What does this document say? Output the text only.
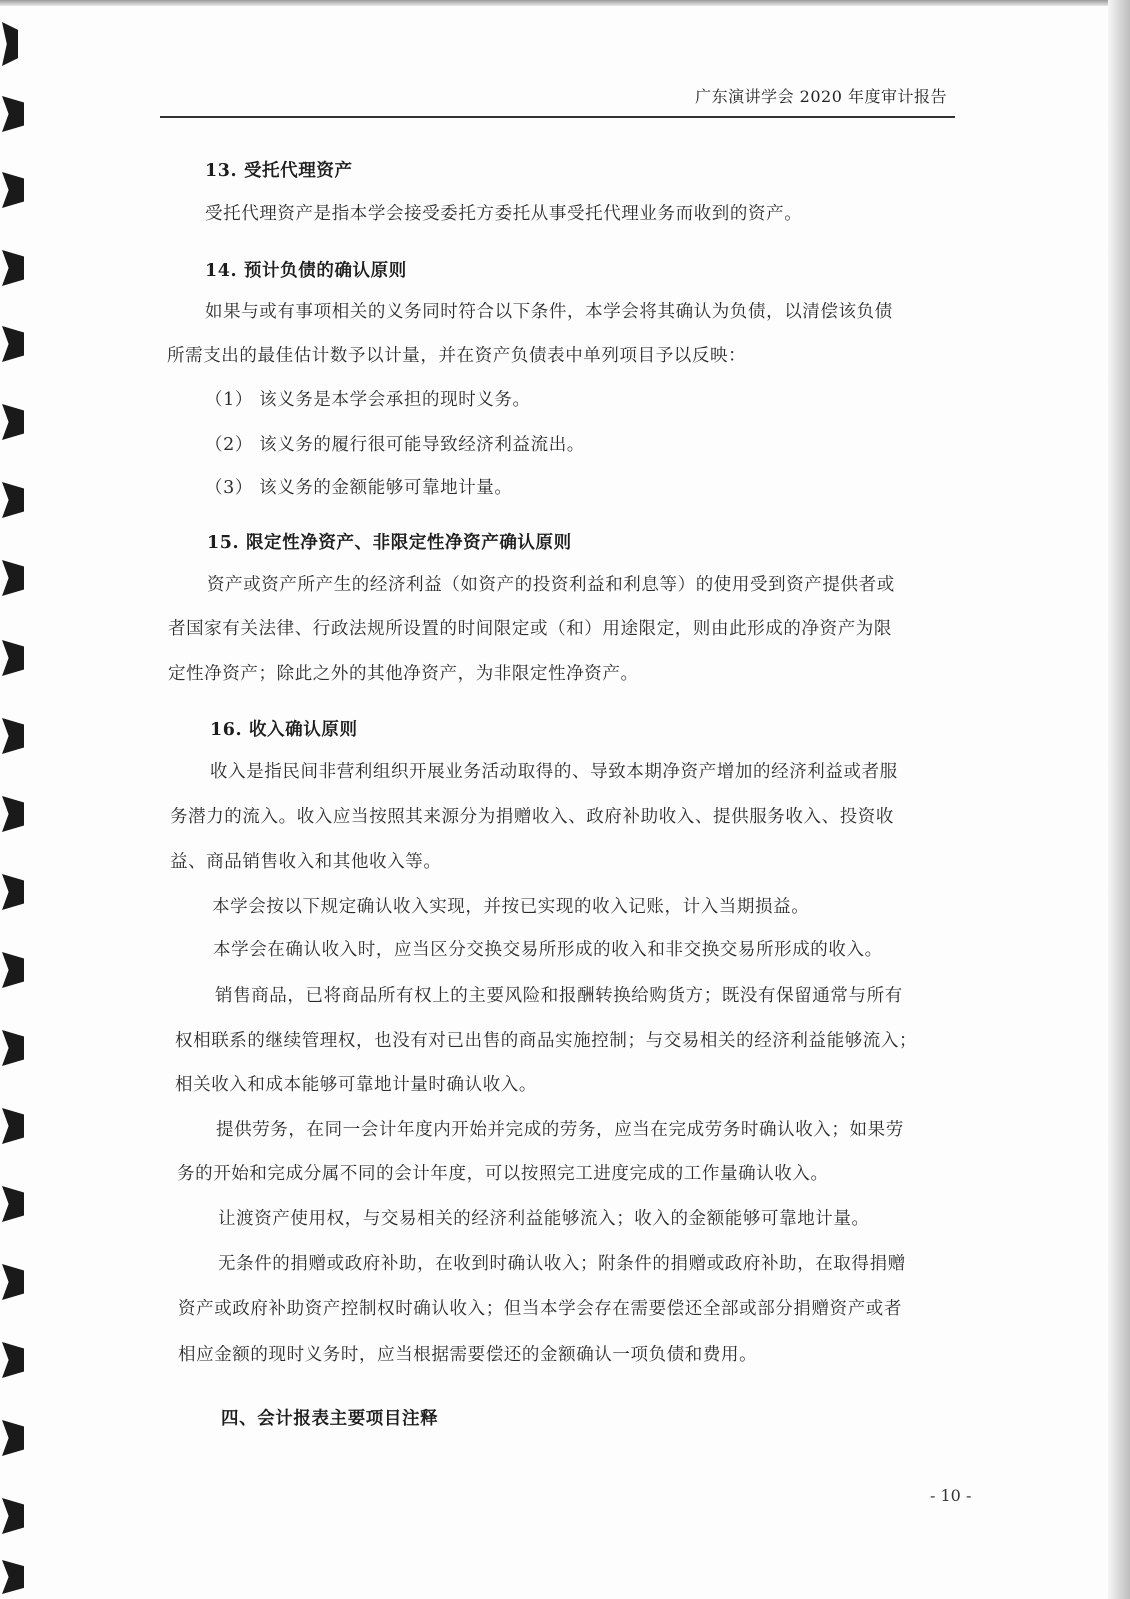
广东演讲学会 2020 年度审计报告
13. 受托代理资产
受托代理资产是指本学会接受委托方委托从事受托代理业务而收到的资产。
14. 预计负债的确认原则
如果与或有事项相关的义务同时符合以下条件，本学会将其确认为负债，以清偿该负债
所需支出的最佳估计数予以计量，并在资产负债表中单列项目予以反映：
（1） 该义务是本学会承担的现时义务。
（2） 该义务的履行很可能导致经济利益流出。
（3） 该义务的金额能够可靠地计量。
15. 限定性净资产、非限定性净资产确认原则
资产或资产所产生的经济利益（如资产的投资利益和利息等）的使用受到资产提供者或
者国家有关法律、行政法规所设置的时间限定或（和）用途限定，则由此形成的净资产为限
定性净资产；除此之外的其他净资产，为非限定性净资产。
16. 收入确认原则
收入是指民间非营利组织开展业务活动取得的、导致本期净资产增加的经济利益或者服
务潜力的流入。收入应当按照其来源分为捐赠收入、政府补助收入、提供服务收入、投资收
益、商品销售收入和其他收入等。
本学会按以下规定确认收入实现，并按已实现的收入记账，计入当期损益。
本学会在确认收入时，应当区分交换交易所形成的收入和非交换交易所形成的收入。
销售商品，已将商品所有权上的主要风险和报酬转换给购货方；既没有保留通常与所有
权相联系的继续管理权，也没有对已出售的商品实施控制；与交易相关的经济利益能够流入；
相关收入和成本能够可靠地计量时确认收入。
提供劳务，在同一会计年度内开始并完成的劳务，应当在完成劳务时确认收入；如果劳
务的开始和完成分属不同的会计年度，可以按照完工进度完成的工作量确认收入。
让渡资产使用权，与交易相关的经济利益能够流入；收入的金额能够可靠地计量。
无条件的捐赠或政府补助，在收到时确认收入；附条件的捐赠或政府补助，在取得捐赠
资产或政府补助资产控制权时确认收入；但当本学会存在需要偿还全部或部分捐赠资产或者
相应金额的现时义务时，应当根据需要偿还的金额确认一项负债和费用。
四、会计报表主要项目注释
- 10 -
